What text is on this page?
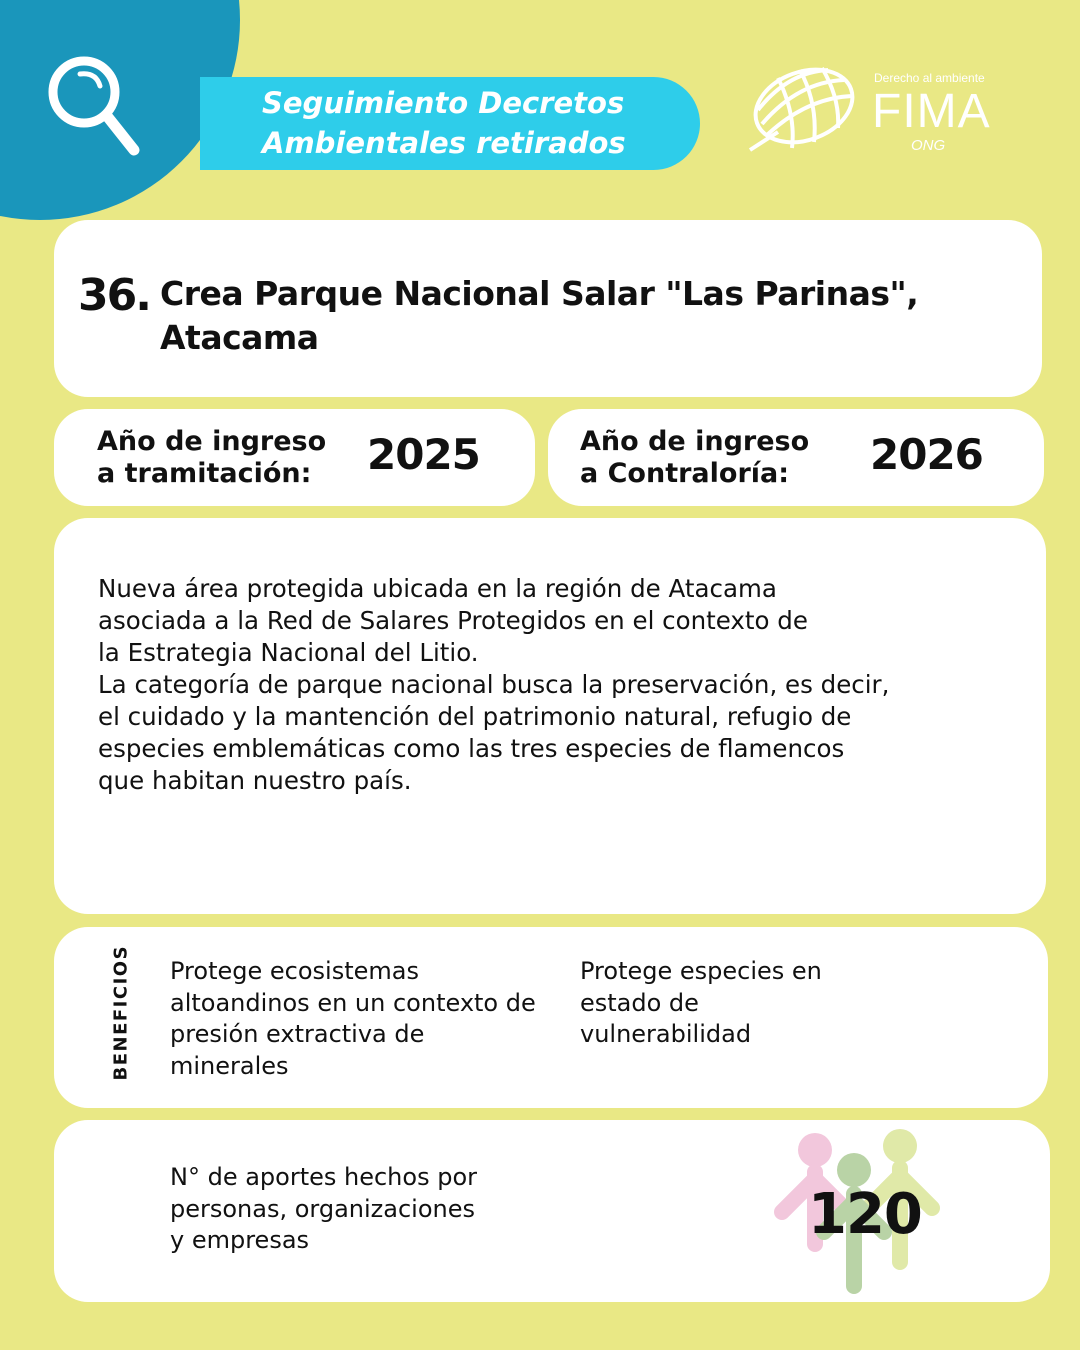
Seguimiento Decretos
Ambientales retirados
Derecho al ambiente
FIMA
ONG
36. Crea Parque Nacional Salar "Las Parinas", Atacama
Año de ingreso
a tramitación:	2025	Año de ingreso
a Contraloría:	2026
Nueva área protegida ubicada en la región de Atacama
asociada a la Red de Salares Protegidos en el contexto de
la Estrategia Nacional del Litio.
La categoría de parque nacional busca la preservación, es decir,
el cuidado y la mantención del patrimonio natural, refugio de
especies emblemáticas como las tres especies de flamencos
que habitan nuestro país.
BENEFICIOS Protege ecosistemas altoandinos en un contexto de presión extractiva de minerales
Protege especies en estado de vulnerabilidad
N° de aportes hechos por
personas, organizaciones
y empresas	120
